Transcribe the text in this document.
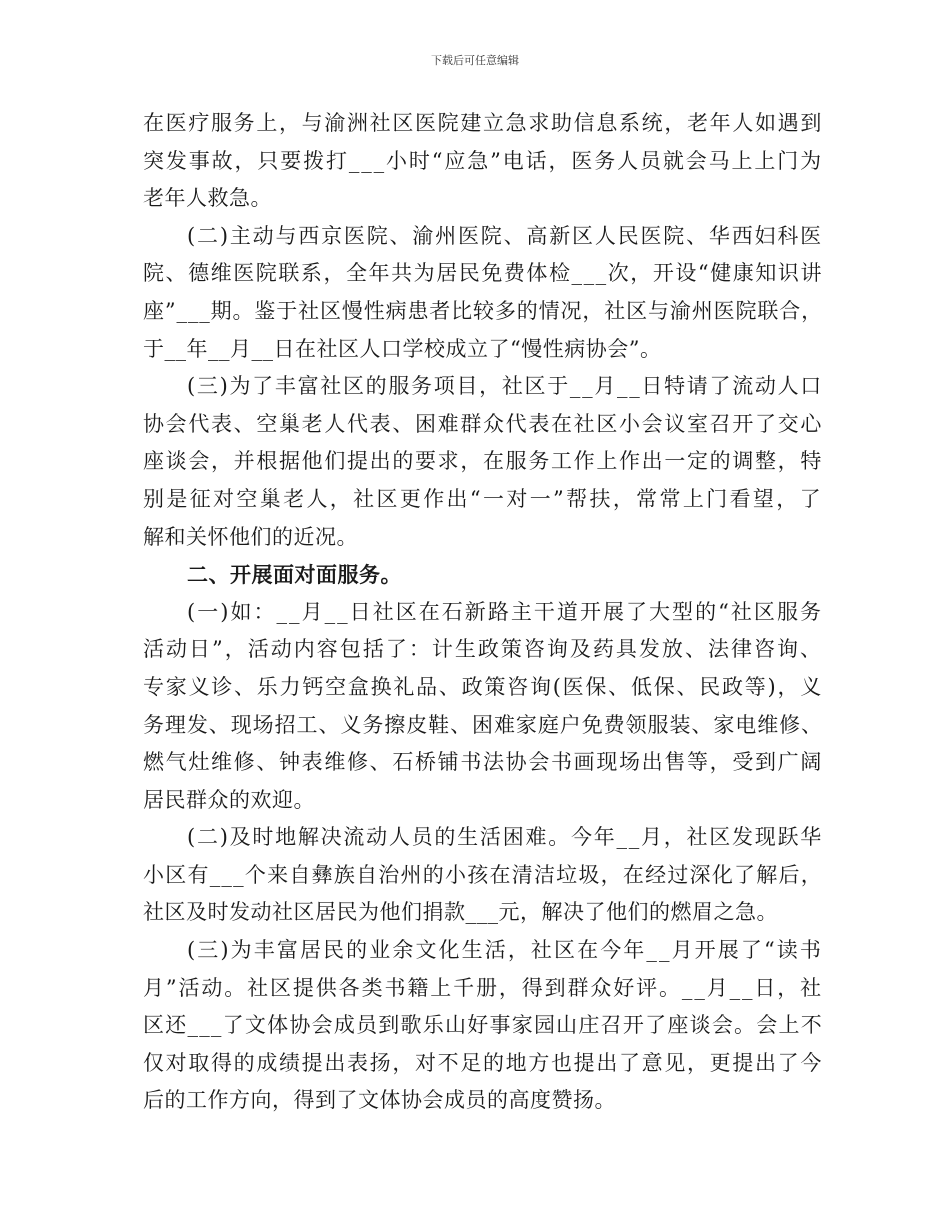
下载后可任意编辑
在医疗服务上，与渝洲社区医院建立急求助信息系统，老年人如遇到
突发事故，只要拨打___小时“应急”电话，医务人员就会马上上门为
老年人救急。
(二)主动与西京医院、渝州医院、高新区人民医院、华西妇科医
院、德维医院联系，全年共为居民免费体检___次，开设“健康知识讲
座”___期。鉴于社区慢性病患者比较多的情况，社区与渝州医院联合，
于__年__月__日在社区人口学校成立了“慢性病协会”。
(三)为了丰富社区的服务项目，社区于__月__日特请了流动人口
协会代表、空巢老人代表、困难群众代表在社区小会议室召开了交心
座谈会，并根据他们提出的要求，在服务工作上作出一定的调整，特
别是征对空巢老人，社区更作出“一对一”帮扶，常常上门看望，了
解和关怀他们的近况。
二、开展面对面服务。
(一)如：__月__日社区在石新路主干道开展了大型的“社区服务
活动日”，活动内容包括了：计生政策咨询及药具发放、法律咨询、
专家义诊、乐力钙空盒换礼品、政策咨询(医保、低保、民政等)，义
务理发、现场招工、义务擦皮鞋、困难家庭户免费领服装、家电维修、
燃气灶维修、钟表维修、石桥铺书法协会书画现场出售等，受到广阔
居民群众的欢迎。
(二)及时地解决流动人员的生活困难。今年__月，社区发现跃华
小区有___个来自彝族自治州的小孩在清洁垃圾，在经过深化了解后，
社区及时发动社区居民为他们捐款___元，解决了他们的燃眉之急。
(三)为丰富居民的业余文化生活，社区在今年__月开展了“读书
月”活动。社区提供各类书籍上千册，得到群众好评。__月__日，社
区还___了文体协会成员到歌乐山好事家园山庄召开了座谈会。会上不
仅对取得的成绩提出表扬，对不足的地方也提出了意见，更提出了今
后的工作方向，得到了文体协会成员的高度赞扬。
